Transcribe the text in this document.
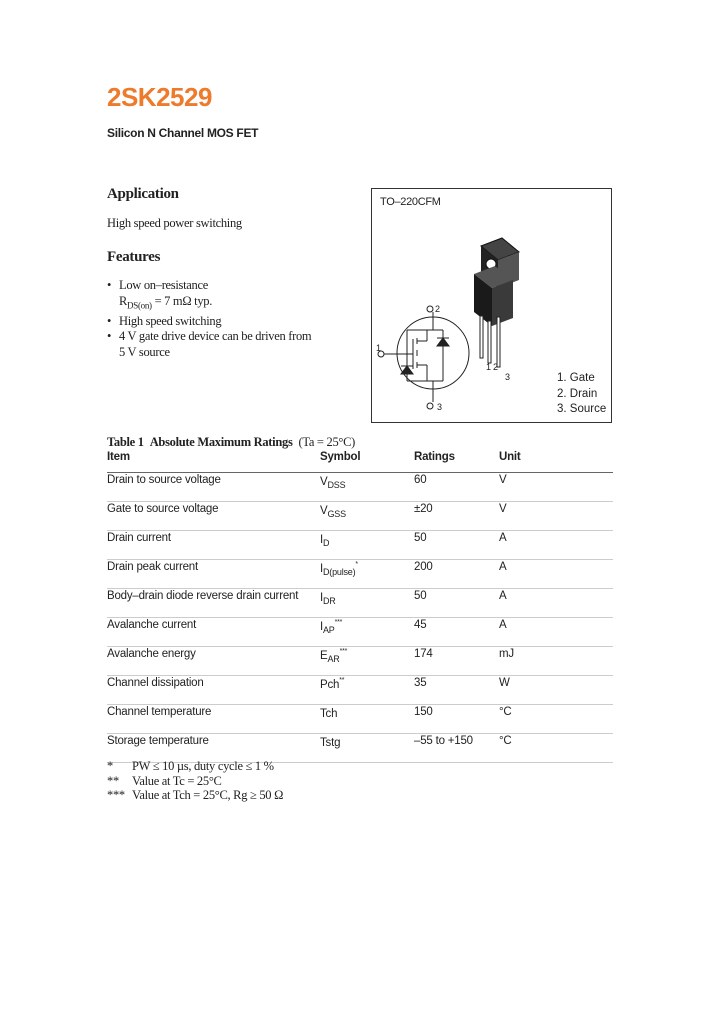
2SK2529
Silicon N Channel MOS FET
Application
High speed power switching
Features
• Low on–resistance
$R_{DS(on)} = 7$ mΩ typ.
• High speed switching
• 4 V gate drive device can be driven from
5 V source
TO–220CFM
1 2
3
2
1
3
1. Gate
2. Drain
3. Source
Table 1 Absolute Maximum Ratings (Ta = 25°C)
Item	Symbol	Ratings	Unit
Drain to source voltage	$V_{DSS}$	60	V
Gate to source voltage	$V_{GSS}$	±20	V
Drain current	$I_D$	50	A
Drain peak current	$I_{D(pulse)}^*$	200	A
Body–drain diode reverse drain current $I_{DR}$	50	A
Avalanche current	$I_{AP}^{***}$	45	A
Avalanche energy	$E_{AR}^{***}$	174	mJ
Channel dissipation	Pch**	35	W
Channel temperature	Tch	150	°C
Storage temperature	Tstg	–55 to +150 °C
* PW ≤ 10 µs, duty cycle ≤ 1 %
** Value at Tc = 25°C
*** Value at Tch = 25°C, Rg ≥ 50 Ω
